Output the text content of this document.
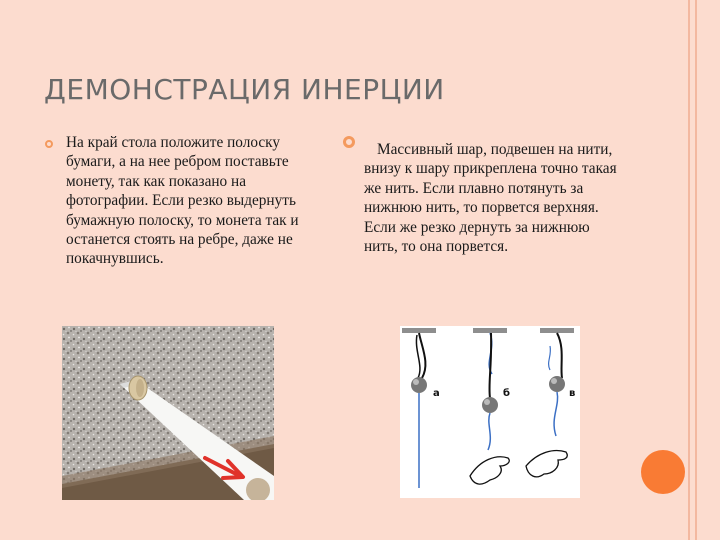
ДЕМОНСТРАЦИЯ ИНЕРЦИИ

На край стола положите полоску бумаги, а на нее ребром поставьте монету, так как показано на фотографии. Если резко выдернуть бумажную полоску, то монета так и останется стоять на ребре, даже не покачнувшись.

Массивный шар, подвешен на нити, внизу к шару прикреплена точно такая же нить. Если плавно потянуть за нижнюю нить, то порвется верхняя. Если же резко дернуть за нижнюю нить, то она порвется.

а	б	в
